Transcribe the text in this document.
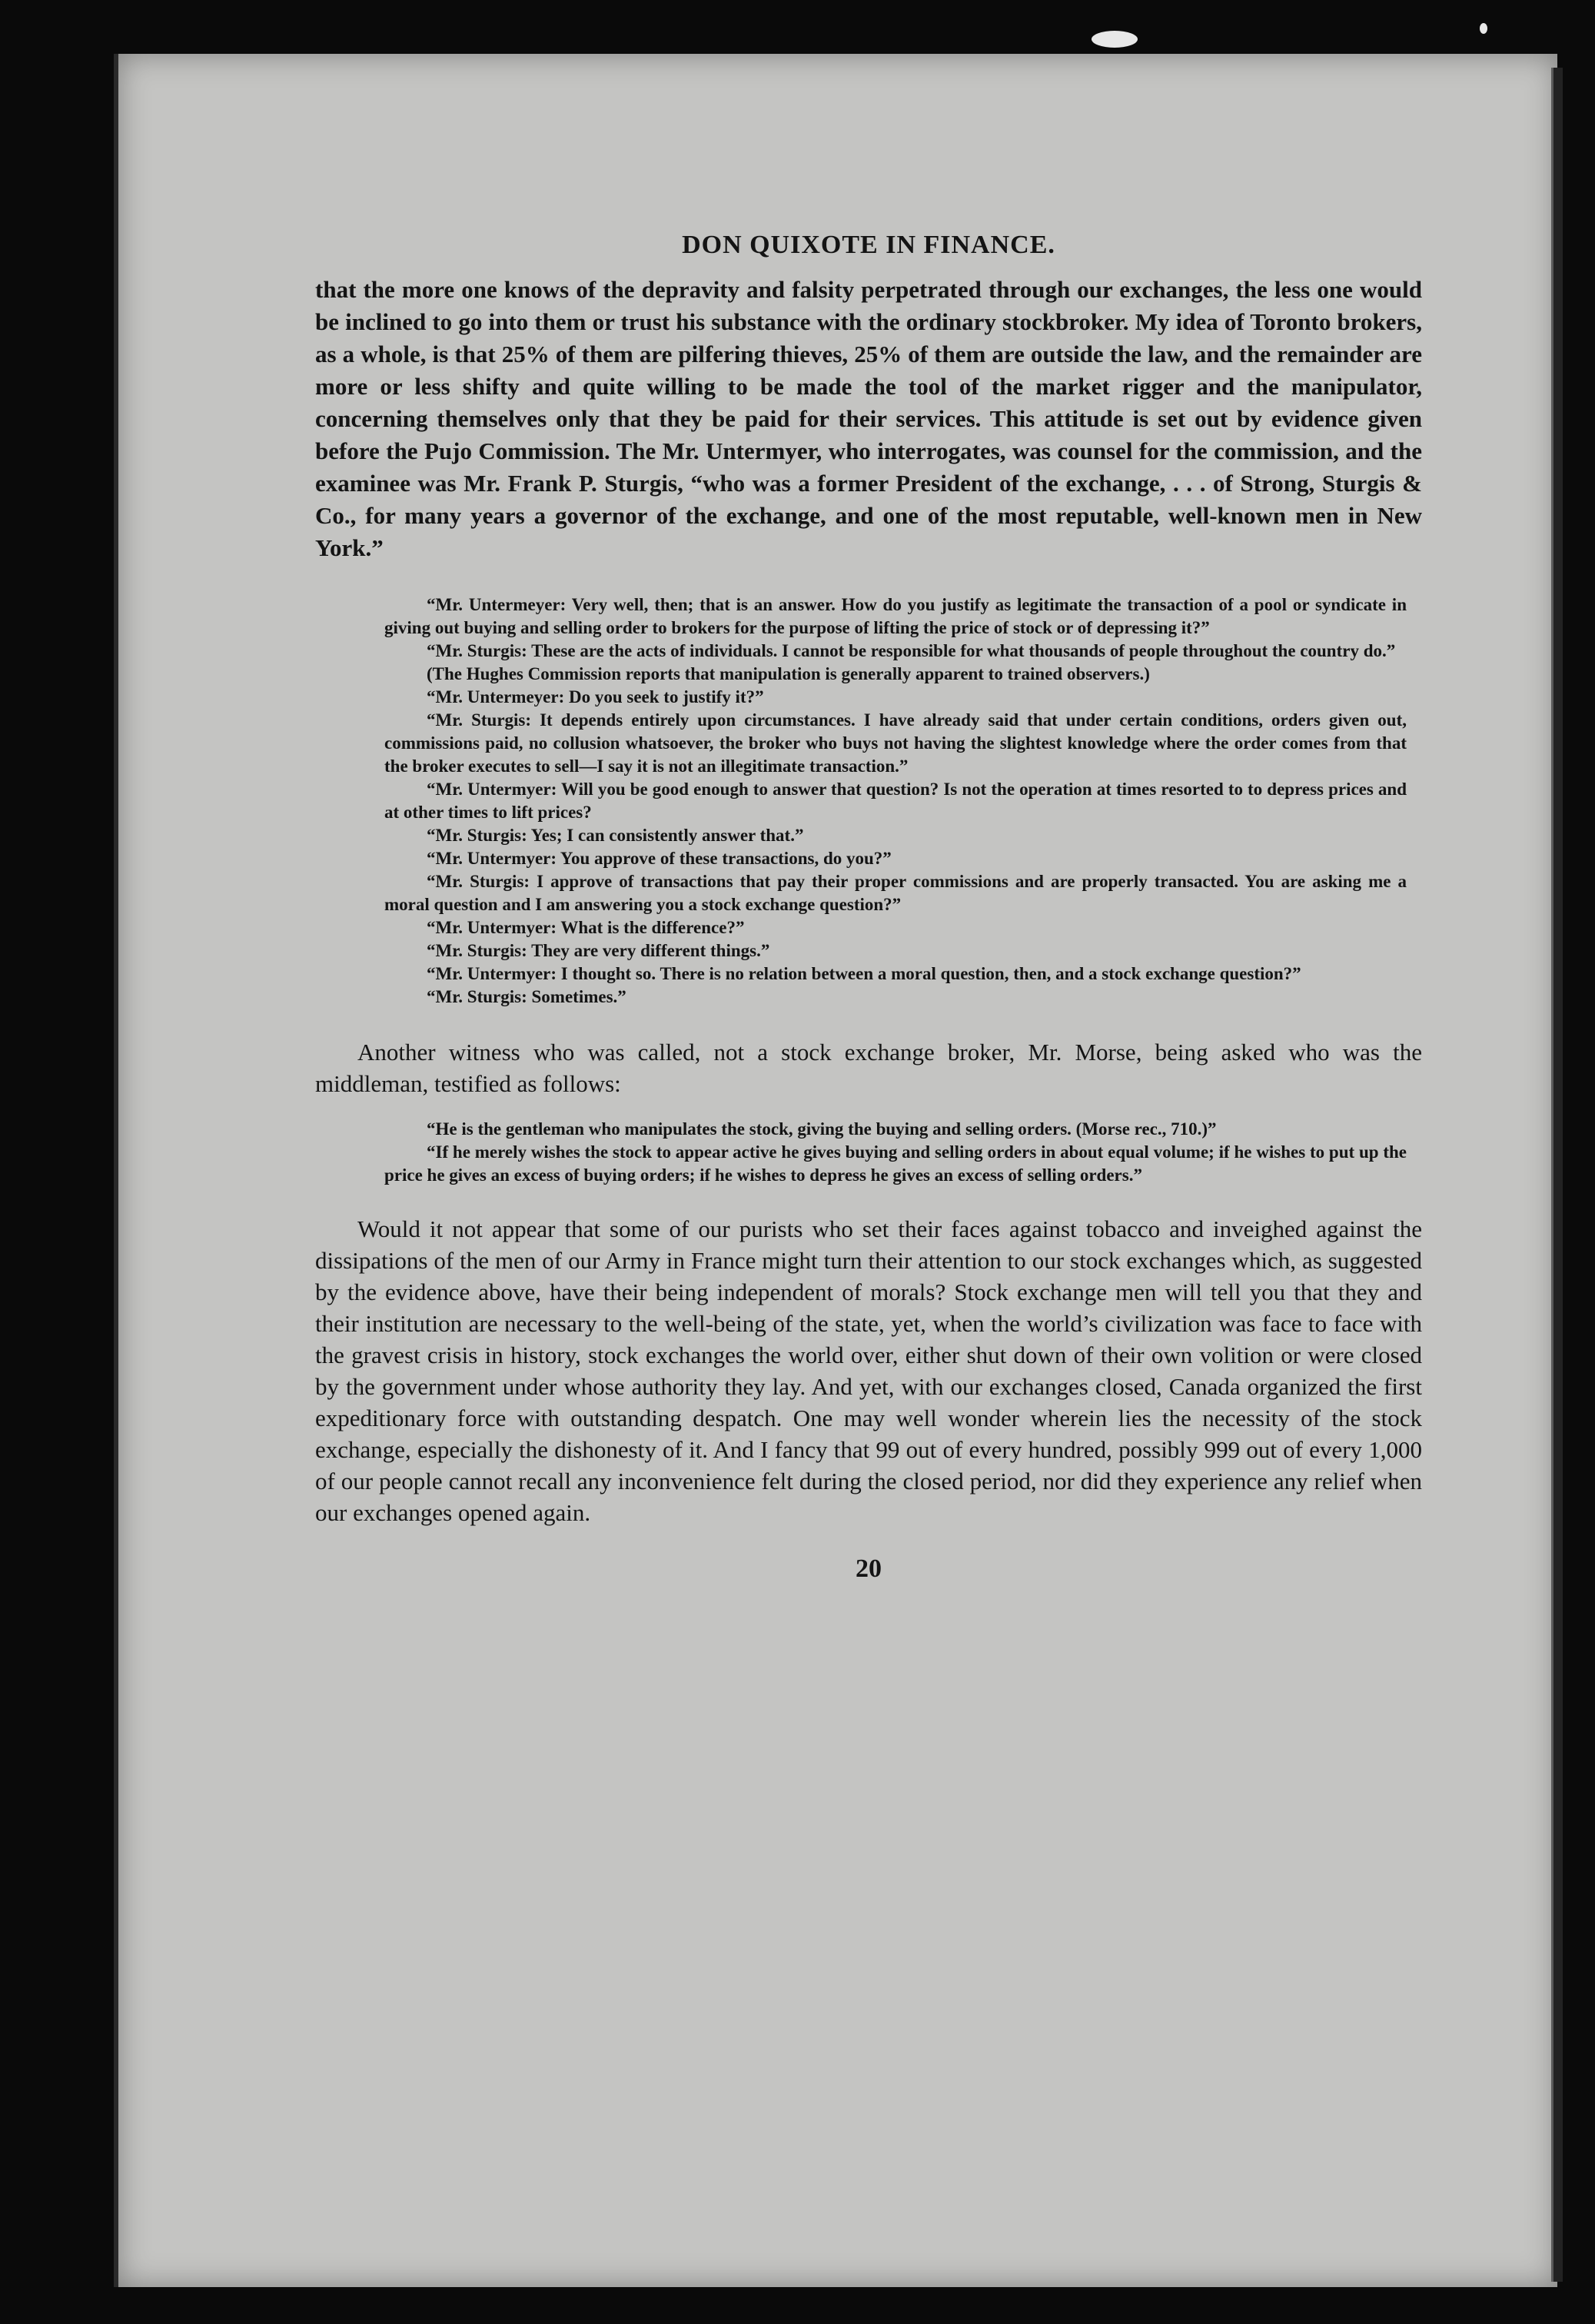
DON QUIXOTE IN FINANCE.

that the more one knows of the depravity and falsity perpetrated through our exchanges, the less one would be inclined to go into them or trust his substance with the ordinary stockbroker. My idea of Toronto brokers, as a whole, is that 25% of them are pilfering thieves, 25% of them are outside the law, and the remainder are more or less shifty and quite willing to be made the tool of the market rigger and the manipulator, concerning themselves only that they be paid for their services. This attitude is set out by evidence given before the Pujo Commission. The Mr. Untermyer, who interrogates, was counsel for the commission, and the examinee was Mr. Frank P. Sturgis, “who was a former President of the exchange, . . . of Strong, Sturgis & Co., for many years a governor of the exchange, and one of the most reputable, well-known men in New York.”

“Mr. Untermeyer: Very well, then; that is an answer. How do you justify as legitimate the transaction of a pool or syndicate in giving out buying and selling order to brokers for the purpose of lifting the price of stock or of depressing it?”

“Mr. Sturgis: These are the acts of individuals. I cannot be responsible for what thousands of people throughout the country do.”

(The Hughes Commission reports that manipulation is generally apparent to trained observers.)

“Mr. Untermeyer: Do you seek to justify it?”

“Mr. Sturgis: It depends entirely upon circumstances. I have already said that under certain conditions, orders given out, commissions paid, no collusion whatsoever, the broker who buys not having the slightest knowledge where the order comes from that the broker executes to sell—I say it is not an illegitimate transaction.”

“Mr. Untermyer: Will you be good enough to answer that question? Is not the operation at times resorted to to depress prices and at other times to lift prices?

“Mr. Sturgis: Yes; I can consistently answer that.”

“Mr. Untermyer: You approve of these transactions, do you?”

“Mr. Sturgis: I approve of transactions that pay their proper commissions and are properly transacted. You are asking me a moral question and I am answering you a stock exchange question?”

“Mr. Untermyer: What is the difference?”

“Mr. Sturgis: They are very different things.”

“Mr. Untermyer: I thought so. There is no relation between a moral question, then, and a stock exchange question?”

“Mr. Sturgis: Sometimes.”

Another witness who was called, not a stock exchange broker, Mr. Morse, being asked who was the middleman, testified as follows:

“He is the gentleman who manipulates the stock, giving the buying and selling orders. (Morse rec., 710.)”

“If he merely wishes the stock to appear active he gives buying and selling orders in about equal volume; if he wishes to put up the price he gives an excess of buying orders; if he wishes to depress he gives an excess of selling orders.”

Would it not appear that some of our purists who set their faces against tobacco and inveighed against the dissipations of the men of our Army in France might turn their attention to our stock exchanges which, as suggested by the evidence above, have their being independent of morals? Stock exchange men will tell you that they and their institution are necessary to the well-being of the state, yet, when the world’s civilization was face to face with the gravest crisis in history, stock exchanges the world over, either shut down of their own volition or were closed by the government under whose authority they lay. And yet, with our exchanges closed, Canada organized the first expeditionary force with outstanding despatch. One may well wonder wherein lies the necessity of the stock exchange, especially the dishonesty of it. And I fancy that 99 out of every hundred, possibly 999 out of every 1,000 of our people cannot recall any inconvenience felt during the closed period, nor did they experience any relief when our exchanges opened again.

20
